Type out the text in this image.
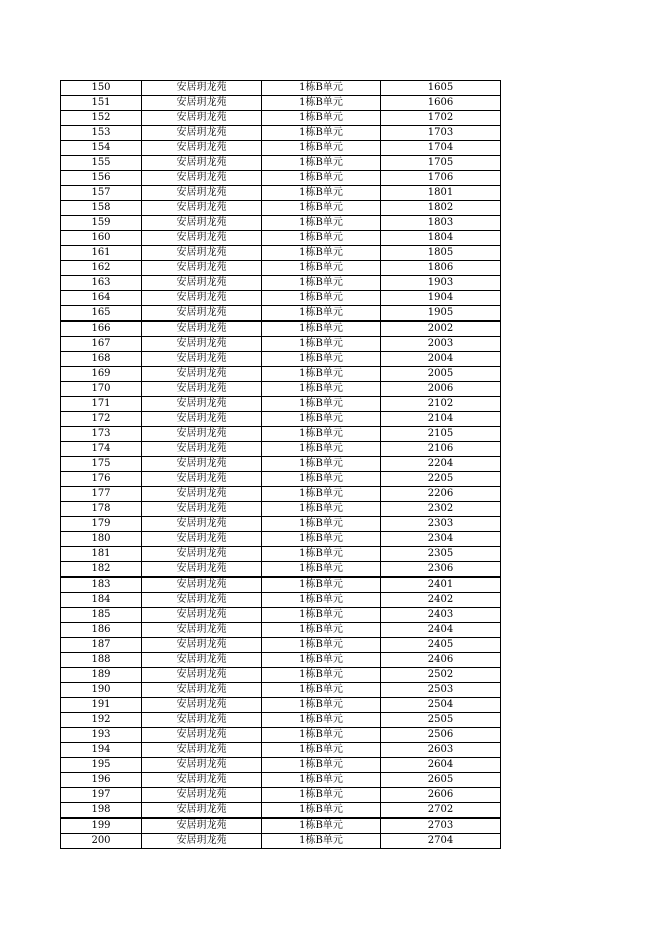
150	安居玥龙苑	1栋B单元	1605
151	安居玥龙苑	1栋B单元	1606
152	安居玥龙苑	1栋B单元	1702
153	安居玥龙苑	1栋B单元	1703
154	安居玥龙苑	1栋B单元	1704
155	安居玥龙苑	1栋B单元	1705
156	安居玥龙苑	1栋B单元	1706
157	安居玥龙苑	1栋B单元	1801
158	安居玥龙苑	1栋B单元	1802
159	安居玥龙苑	1栋B单元	1803
160	安居玥龙苑	1栋B单元	1804
161	安居玥龙苑	1栋B单元	1805
162	安居玥龙苑	1栋B单元	1806
163	安居玥龙苑	1栋B单元	1903
164	安居玥龙苑	1栋B单元	1904
165	安居玥龙苑	1栋B单元	1905
166	安居玥龙苑	1栋B单元	2002
167	安居玥龙苑	1栋B单元	2003
168	安居玥龙苑	1栋B单元	2004
169	安居玥龙苑	1栋B单元	2005
170	安居玥龙苑	1栋B单元	2006
171	安居玥龙苑	1栋B单元	2102
172	安居玥龙苑	1栋B单元	2104
173	安居玥龙苑	1栋B单元	2105
174	安居玥龙苑	1栋B单元	2106
175	安居玥龙苑	1栋B单元	2204
176	安居玥龙苑	1栋B单元	2205
177	安居玥龙苑	1栋B单元	2206
178	安居玥龙苑	1栋B单元	2302
179	安居玥龙苑	1栋B单元	2303
180	安居玥龙苑	1栋B单元	2304
181	安居玥龙苑	1栋B单元	2305
182	安居玥龙苑	1栋B单元	2306
183	安居玥龙苑	1栋B单元	2401
184	安居玥龙苑	1栋B单元	2402
185	安居玥龙苑	1栋B单元	2403
186	安居玥龙苑	1栋B单元	2404
187	安居玥龙苑	1栋B单元	2405
188	安居玥龙苑	1栋B单元	2406
189	安居玥龙苑	1栋B单元	2502
190	安居玥龙苑	1栋B单元	2503
191	安居玥龙苑	1栋B单元	2504
192	安居玥龙苑	1栋B单元	2505
193	安居玥龙苑	1栋B单元	2506
194	安居玥龙苑	1栋B单元	2603
195	安居玥龙苑	1栋B单元	2604
196	安居玥龙苑	1栋B单元	2605
197	安居玥龙苑	1栋B单元	2606
198	安居玥龙苑	1栋B单元	2702
199	安居玥龙苑	1栋B单元	2703
200	安居玥龙苑	1栋B单元	2704
